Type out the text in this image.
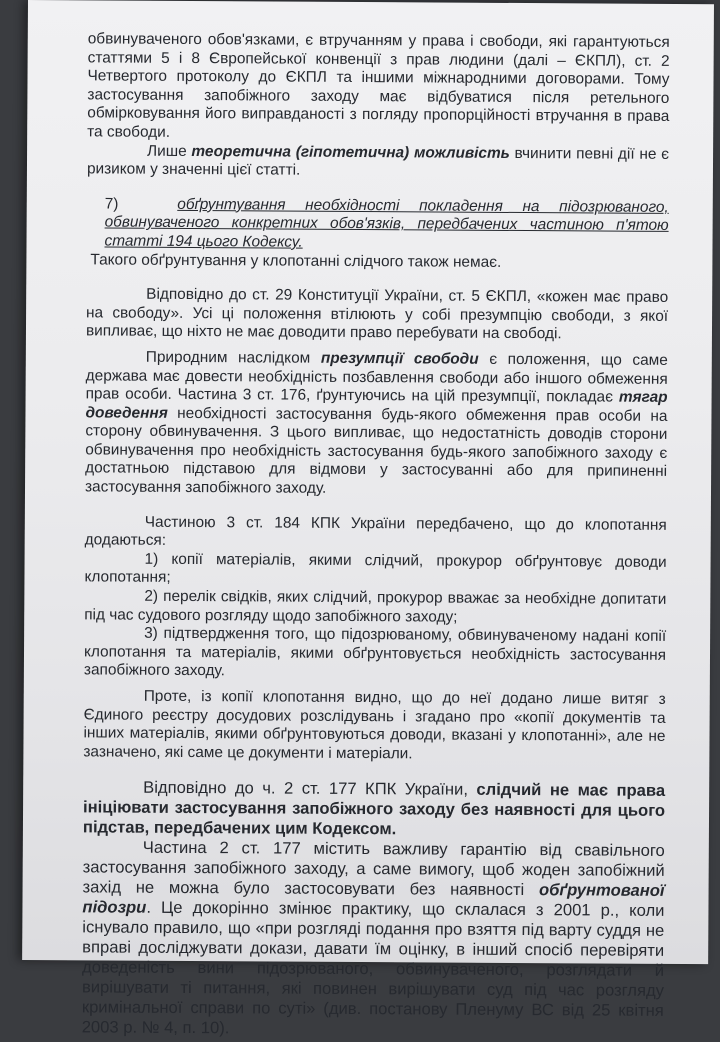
обвинуваченого обов'язками, є втручанням у права і свободи, які гарантуються статтями 5 і 8 Європейської конвенції з прав людини (далі – ЄКПЛ), ст. 2 Четвертого протоколу до ЄКПЛ та іншими міжнародними договорами. Тому застосування запобіжного заходу має відбуватися після ретельного обмірковування його виправданості з погляду пропорційності втручання в права та свободи.

Лише теоретична (гіпотетична) можливість вчинити певні дії не є ризиком у значенні цієї статті.

7)	обґрунтування необхідності покладення на підозрюваного, обвинуваченого конкретних обов'язків, передбачених частиною п'ятою статті 194 цього Кодексу.

Такого обґрунтування у клопотанні слідчого також немає.

Відповідно до ст. 29 Конституції України, ст. 5 ЄКПЛ, «кожен має право на свободу». Усі ці положення втілюють у собі презумпцію свободи, з якої випливає, що ніхто не має доводити право перебувати на свободі.

Природним наслідком презумпції свободи є положення, що саме держава має довести необхідність позбавлення свободи або іншого обмеження прав особи. Частина 3 ст. 176, ґрунтуючись на цій презумпції, покладає тягар доведення необхідності застосування будь-якого обмеження прав особи на сторону обвинувачення. З цього випливає, що недостатність доводів сторони обвинувачення про необхідність застосування будь-якого запобіжного заходу є достатньою підставою для відмови у застосуванні або для припиненні застосування запобіжного заходу.

Частиною 3 ст. 184 КПК України передбачено, що до клопотання додаються:

1) копії матеріалів, якими слідчий, прокурор обґрунтовує доводи клопотання;

2) перелік свідків, яких слідчий, прокурор вважає за необхідне допитати під час судового розгляду щодо запобіжного заходу;

3) підтвердження того, що підозрюваному, обвинуваченому надані копії клопотання та матеріалів, якими обґрунтовується необхідність застосування запобіжного заходу.

Проте, із копії клопотання видно, що до неї додано лише витяг з Єдиного реєстру досудових розслідувань і згадано про «копії документів та інших матеріалів, якими обґрунтовуються доводи, вказані у клопотанні», але не зазначено, які саме це документи і матеріали.

Відповідно до ч. 2 ст. 177 КПК України, слідчий не має права ініціювати застосування запобіжного заходу без наявності для цього підстав, передбачених цим Кодексом.

Частина 2 ст. 177 містить важливу гарантію від свавільного застосування запобіжного заходу, а саме вимогу, щоб жоден запобіжний захід не можна було застосовувати без наявності обґрунтованої підозри. Це докорінно змінює практику, що склалася з 2001 р., коли існувало правило, що «при розгляді подання про взяття під варту суддя не вправі досліджувати докази, давати їм оцінку, в інший спосіб перевіряти доведеність вини підозрюваного, обвинуваченого, розглядати й вирішувати ті питання, які повинен вирішувати суд під час розгляду кримінальної справи по суті» (див. постанову Пленуму ВС від 25 квітня 2003 р. № 4, п. 10).
